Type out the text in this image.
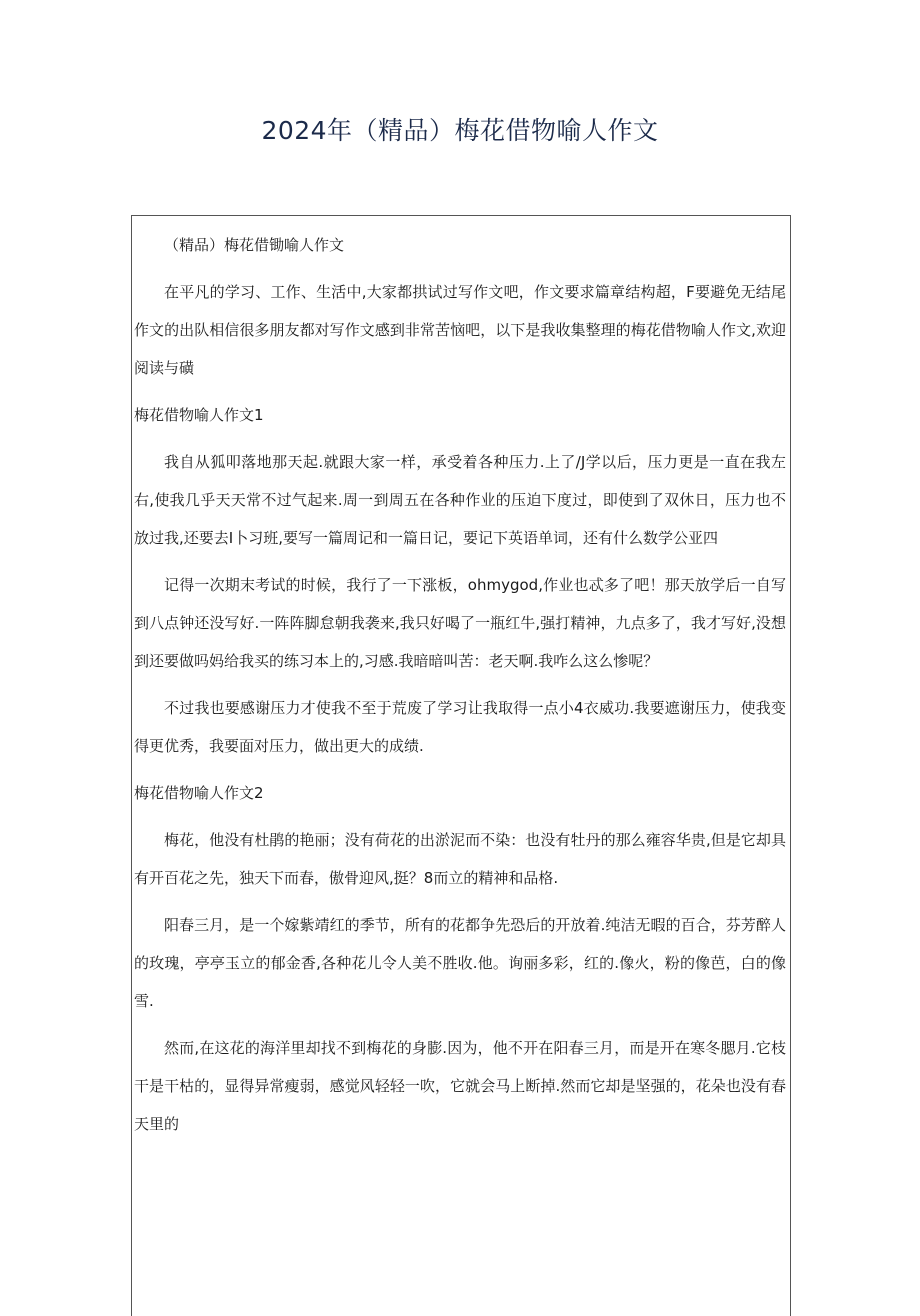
2024年（精品）梅花借物喻人作文

（精品）梅花借锄喻人作文

在平凡的学习、工作、生活中,大家都拱试过写作文吧，作文要求篇章结构超，F要避免无结尾作文的出队相信很多朋友都对写作文感到非常苦恼吧，以下是我收集整理的梅花借物喻人作文,欢迎阅读与磺

梅花借物喻人作文1

我自从狐叩落地那天起.就跟大家一样，承受着各种压力.上了/J学以后，压力更是一直在我左右,使我几乎天天常不过气起来.周一到周五在各种作业的压迫下度过，即使到了双休日，压力也不放过我,还要去I卜习班,要写一篇周记和一篇日记，要记下英语单词，还有什么数学公亚四

记得一次期末考试的时候，我行了一下涨板，ohmygod,作业也忒多了吧！那天放学后一自写到八点钟还没写好.一阵阵脚怠朝我袭来,我只好喝了一瓶红牛,强打精神，九点多了，我才写好,没想到还要做吗妈给我买的练习本上的,习感.我暗暗叫苦：老天啊.我咋么这么惨呢？

不过我也要感谢压力才使我不至于荒废了学习让我取得一点小4衣威功.我要遮谢压力，使我变得更优秀，我要面对压力，做出更大的成绩.

梅花借物喻人作文2

梅花，他没有杜鹃的艳丽；没有荷花的出淤泥而不染：也没有牡丹的那么雍容华贵,但是它却具有开百花之先，独天下而春，傲骨迎风,挺？8而立的精神和品格.

阳春三月，是一个嫁紫靖红的季节，所有的花都争先恐后的开放着.纯洁无暇的百合，芬芳醉人的玫瑰，亭亭玉立的郁金香,各种花儿令人美不胜收.他。询丽多彩，红的.像火，粉的像芭，白的像雪.

然而,在这花的海洋里却找不到梅花的身膨.因为，他不开在阳春三月，而是开在寒冬腮月.它枝干是干枯的，显得异常瘦弱，感觉风轻轻一吹，它就会马上断掉.然而它却是坚强的，花朵也没有春天里的
